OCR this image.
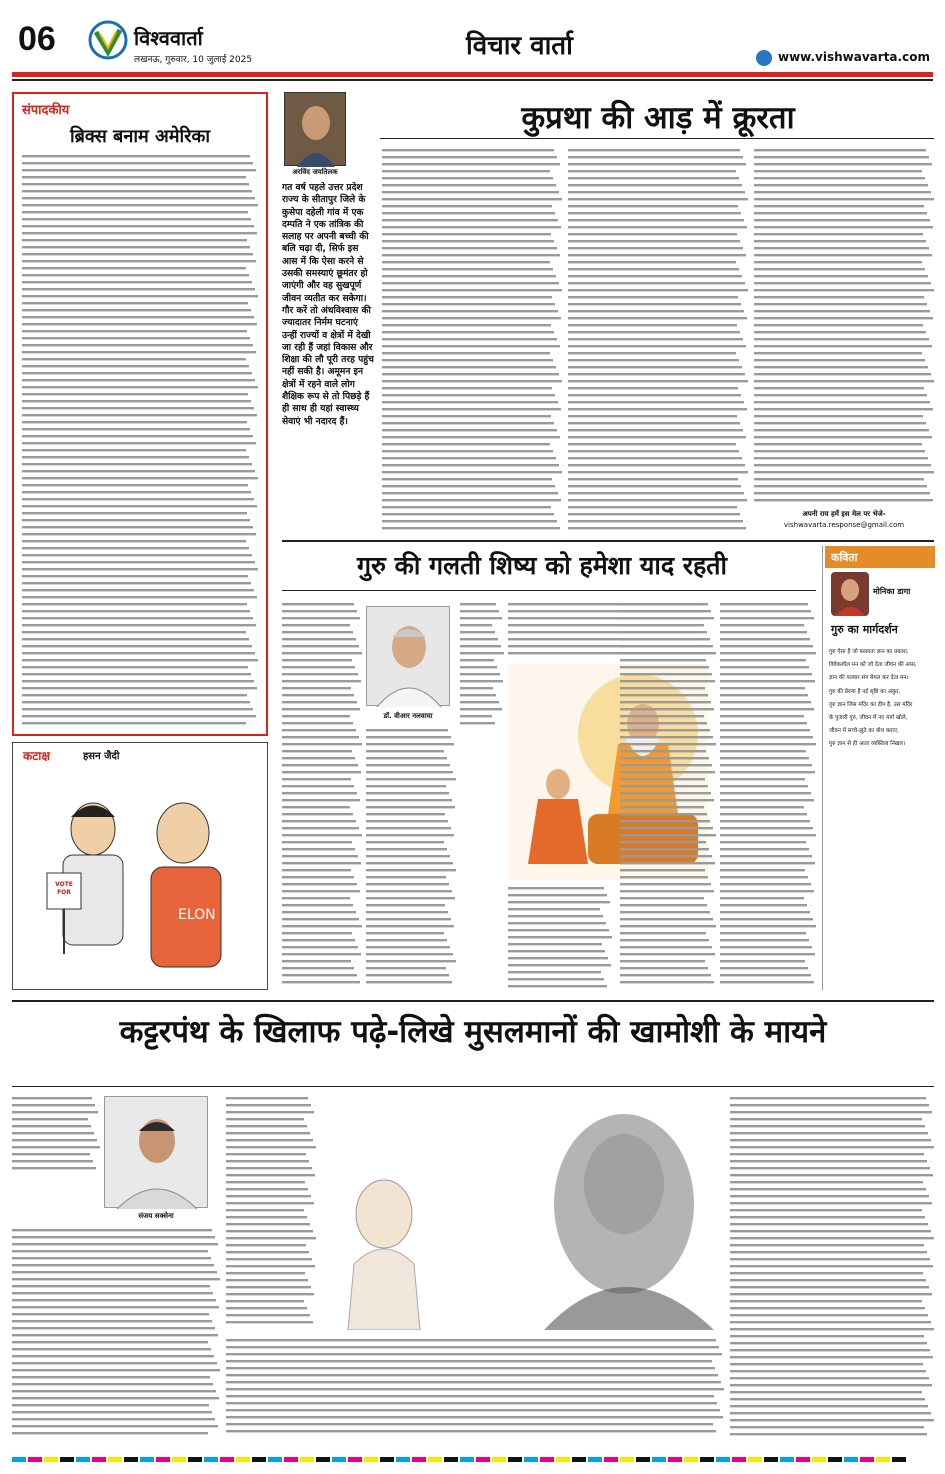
06	विश्ववार्ता
लखनऊ, गुरुवार, 10 जुलाई 2025	विचार वार्ता	www.vishwavarta.com
संपादकीय
ब्रिक्स बनाम अमेरिका
कटाक्ष	हसन जैदी
ELON
VOTE FOR
अरविंद जयतिलक
गत वर्ष पहले उत्तर प्रदेश राज्य के सीतापुर जिले के कुसेपा दहेली गांव में एक दम्पति ने एक तांत्रिक की सलाह पर अपनी बच्ची की बलि चढ़ा दी, सिर्फ इस आस में कि ऐसा करने से उसकी समस्याएं छूमंतर हो जाएंगी और वह सुखपूर्ण जीवन व्यतीत कर सकेगा। गौर करें तो अंधविश्वास की ज्यादातर निर्मम घटनाएं उन्हीं राज्यों व क्षेत्रों में देखी जा रही हैं जहां विकास और शिक्षा की लौ पूरी तरह पहुंच नहीं सकी है। अमूमन इन क्षेत्रों में रहने वाले लोग शैक्षिक रूप से तो पिछड़े हैं ही साथ ही यहां स्वास्थ्य सेवाएं भी नदारद हैं।
कुप्रथा की आड़ में क्रूरता
अपनी राय हमें इस मेल पर भेजे-
vishwavarta.response@gmail.com
गुरु की गलती शिष्य को हमेशा याद रहती
डॉ. वीआर नलवाया
कविता
मोनिका डागा
गुरु का मार्गदर्शन
गुरु ऐसा है जो बरसाता ज्ञान का प्रकाश,
विवेकशील मन को जो देता जीवन की आस,
ज्ञान की पतवार संग बेमल कर देता मन।
गुरु की प्रेरणा है नई सृष्टि का अंकुर,
गुरु ज्ञान जिस मंदिर का दीप है, उस मंदिर
के पुजारी गुरु, जीवन में नए मार्ग खोले,
जीवन में सच्चे-झूठे का बोध कराए,
गुरु ज्ञान से ही आता व्यक्तित्व निखार।
कट्टरपंथ के खिलाफ पढ़े-लिखे मुसलमानों की खामोशी के मायने
संजय सक्सेना
